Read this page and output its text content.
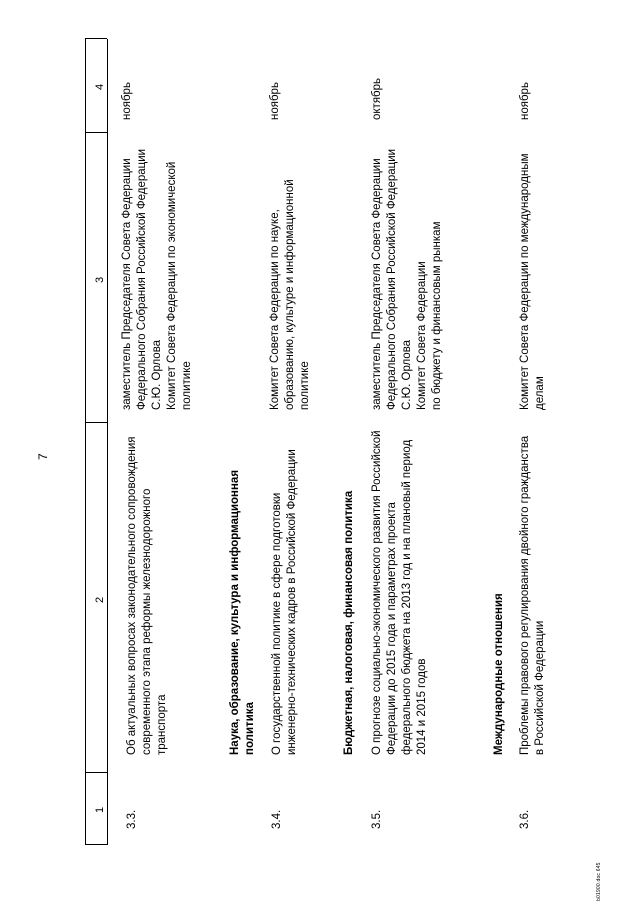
7
1
2
3
4
3.3.
Об актуальных вопросах законодательного сопровождения современного этапа реформы железнодорожного транспорта
заместитель Председателя Совета Федерации Федерального Собрания Российской Федерации
С.Ю. Орлова
Комитет Совета Федерации по экономической политике
ноябрь
Наука, образование, культура и информационная политика
3.4.
О государственной политике в сфере подготовки инженерно-технических кадров в Российской Федерации
Комитет Совета Федерации по науке, образованию, культуре и информационной политике
ноябрь
Бюджетная, налоговая, финансовая политика
3.5.
О прогнозе социально-экономического развития Российской Федерации до 2015 года и параметрах проекта федерального бюджета на 2013 год и на плановый период 2014 и 2015 годов
заместитель Председателя Совета Федерации Федерального Собрания Российской Федерации
С.Ю. Орлова
Комитет Совета Федерации
по бюджету и финансовым рынкам
октябрь
Международные отношения
3.6.
Проблемы правового регулирования двойного гражданства в Российской Федерации
Комитет Совета Федерации по международным делам
ноябрь
b01900.doc 645
